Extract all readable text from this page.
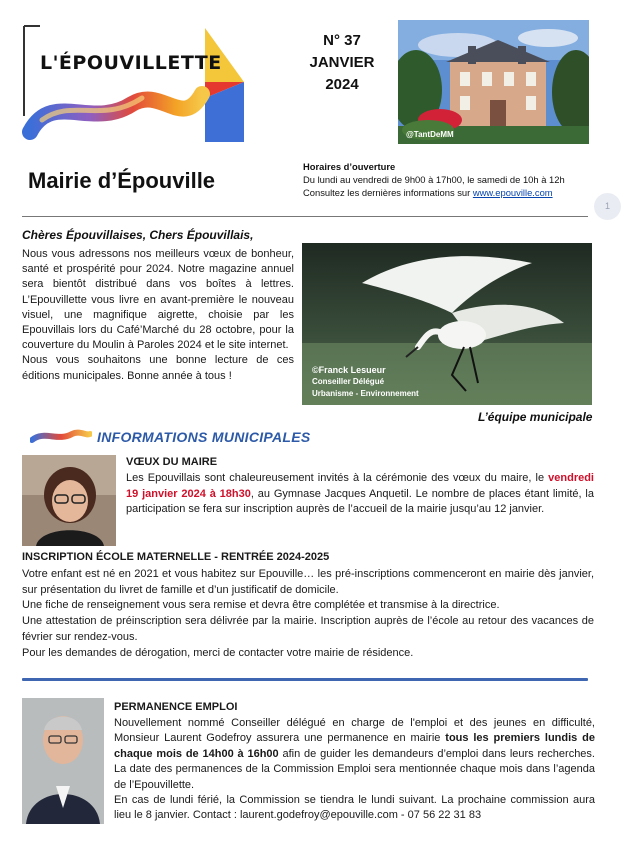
L'ÉPOUVILLETTE
N° 37
JANVIER
2024
@TantDeMM
Mairie d’Épouville
Horaires d’ouverture
Du lundi au vendredi de 9h00 à 17h00, le samedi de 10h à 12h
Consultez les dernières informations sur www.epouville.com
1
Chères Épouvillaises, Chers Épouvillais,

Nous vous adressons nos meilleurs vœux de bonheur, santé et prospérité pour 2024. Notre magazine annuel sera bientôt distribué dans vos boîtes à lettres. L’Epouvillette vous livre en avant-première le nouveau visuel, une magnifique aigrette, choisie par les Epouvillais lors du Café’Marché du 28 octobre, pour la couverture du Moulin à Paroles 2024 et le site internet.

Nous vous souhaitons une bonne lecture de ces éditions municipales. Bonne année à tous !	©Franck Lesueur
Conseiller Délégué
Urbanisme - Environnement
L’équipe municipale
INFORMATIONS MUNICIPALES
VŒUX DU MAIRE
Les Epouvillais sont chaleureusement invités à la cérémonie des vœux du maire, le vendredi 19 janvier 2024 à 18h30, au Gymnase Jacques Anquetil. Le nombre de places étant limité, la participation se fera sur inscription auprès de l’accueil de la mairie jusqu’au 12 janvier.
INSCRIPTION ÉCOLE MATERNELLE - RENTRÉE 2024-2025

Votre enfant est né en 2021 et vous habitez sur Epouville… les pré-inscriptions commenceront en mairie dès janvier, sur présentation du livret de famille et d’un justificatif de domicile.

Une fiche de renseignement vous sera remise et devra être complétée et transmise à la directrice.

Une attestation de préinscription sera délivrée par la mairie. Inscription auprès de l’école au retour des vacances de février sur rendez-vous.

Pour les demandes de dérogation, merci de contacter votre mairie de résidence.

PERMANENCE EMPLOI

Nouvellement nommé Conseiller délégué en charge de l'emploi et des jeunes en difficulté, Monsieur Laurent Godefroy assurera une permanence en mairie tous les premiers lundis de chaque mois de 14h00 à 16h00 afin de guider les demandeurs d’emploi dans leurs recherches. La date des permanences de la Commission Emploi sera mentionnée chaque mois dans l’agenda de l’Epouvillette.

En cas de lundi férié, la Commission se tiendra le lundi suivant. La prochaine commission aura lieu le 8 janvier. Contact : laurent.godefroy@epouville.com - 07 56 22 31 83
